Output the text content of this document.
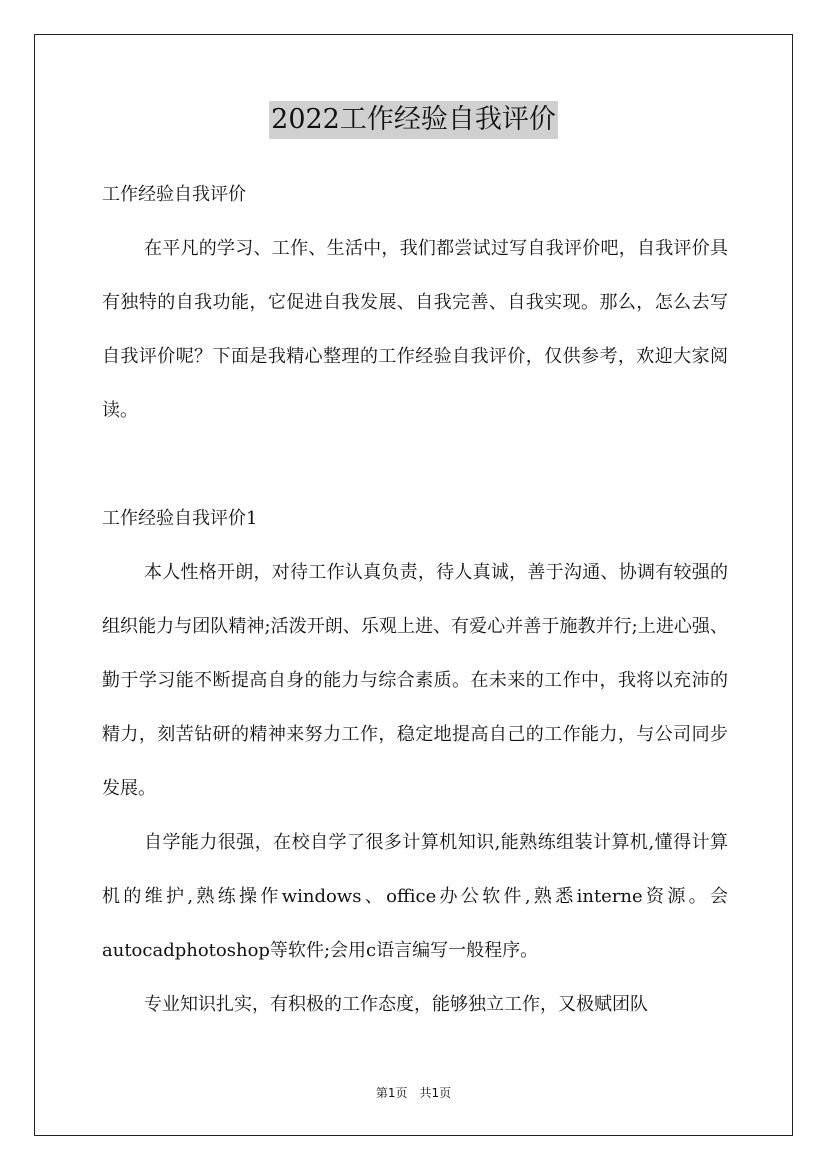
2022工作经验自我评价

工作经验自我评价

在平凡的学习、工作、生活中，我们都尝试过写自我评价吧，自我评价具有独特的自我功能，它促进自我发展、自我完善、自我实现。那么，怎么去写自我评价呢？下面是我精心整理的工作经验自我评价，仅供参考，欢迎大家阅读。

工作经验自我评价1

本人性格开朗，对待工作认真负责，待人真诚，善于沟通、协调有较强的组织能力与团队精神;活泼开朗、乐观上进、有爱心并善于施教并行;上进心强、勤于学习能不断提高自身的能力与综合素质。在未来的工作中，我将以充沛的精力，刻苦钻研的精神来努力工作，稳定地提高自己的工作能力，与公司同步发展。

自学能力很强，在校自学了很多计算机知识,能熟练组装计算机,懂得计算机的维护,熟练操作windows、office办公软件,熟悉interne资源。会autocadphotoshop等软件;会用c语言编写一般程序。

专业知识扎实，有积极的工作态度，能够独立工作，又极赋团队

第1页　共1页
